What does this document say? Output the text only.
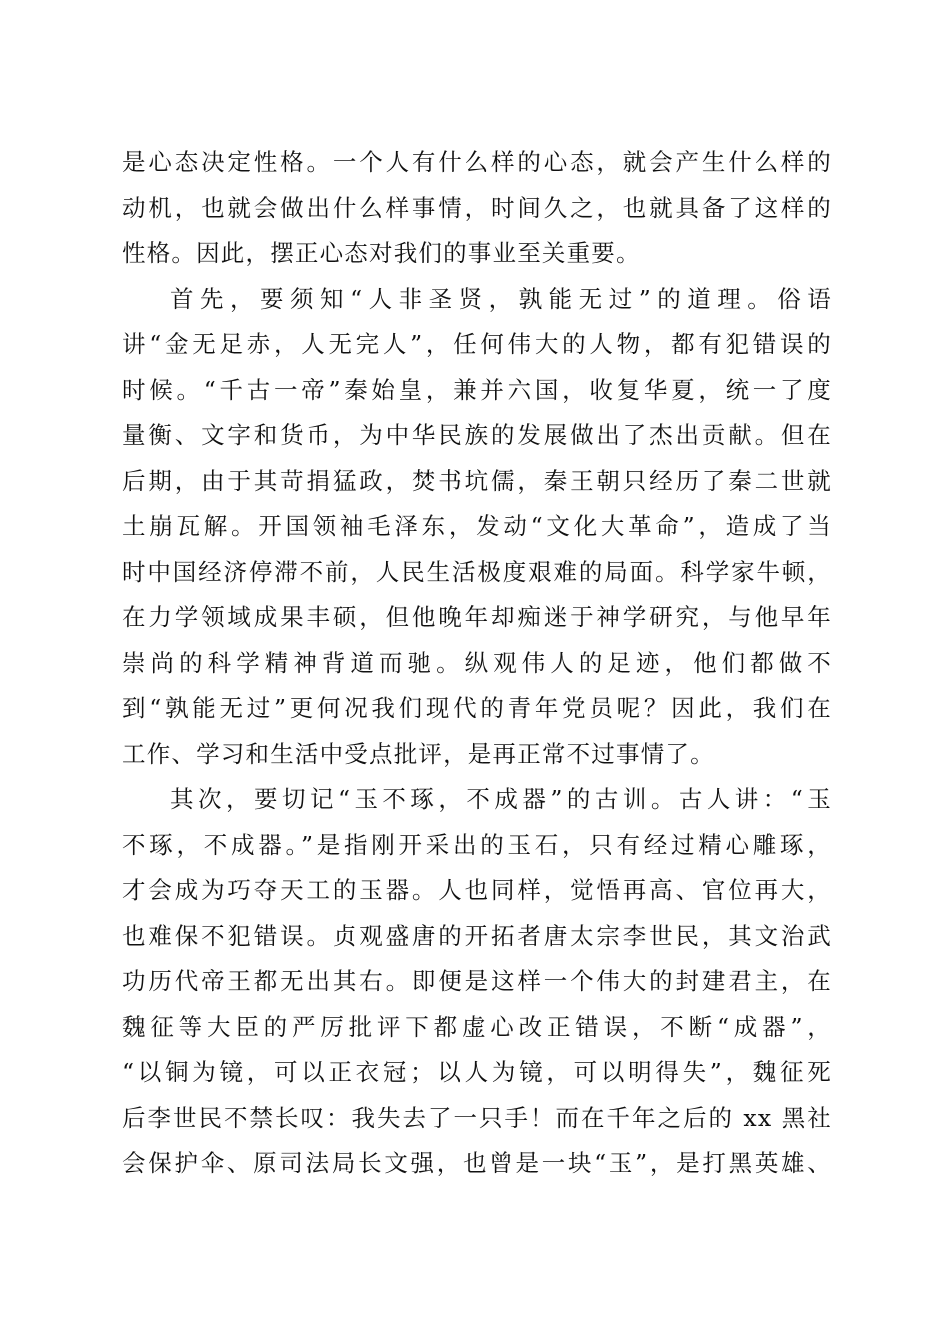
是心态决定性格。一个人有什么样的心态，就会产生什么样的
动机，也就会做出什么样事情，时间久之，也就具备了这样的
性格。因此，摆正心态对我们的事业至关重要。
首先，要须知“人非圣贤，孰能无过”的道理。俗语
讲“金无足赤，人无完人”，任何伟大的人物，都有犯错误的
时候。“千古一帝”秦始皇，兼并六国，收复华夏，统一了度
量衡、文字和货币，为中华民族的发展做出了杰出贡献。但在
后期，由于其苛捐猛政，焚书坑儒，秦王朝只经历了秦二世就
土崩瓦解。开国领袖毛泽东，发动“文化大革命”，造成了当
时中国经济停滞不前，人民生活极度艰难的局面。科学家牛顿，
在力学领域成果丰硕，但他晚年却痴迷于神学研究，与他早年
崇尚的科学精神背道而驰。纵观伟人的足迹，他们都做不
到“孰能无过”更何况我们现代的青年党员呢？因此，我们在
工作、学习和生活中受点批评，是再正常不过事情了。
其次，要切记“玉不琢，不成器”的古训。古人讲：“玉
不琢，不成器。”是指刚开采出的玉石，只有经过精心雕琢，
才会成为巧夺天工的玉器。人也同样，觉悟再高、官位再大，
也难保不犯错误。贞观盛唐的开拓者唐太宗李世民，其文治武
功历代帝王都无出其右。即便是这样一个伟大的封建君主，在
魏征等大臣的严厉批评下都虚心改正错误，不断“成器”，
“以铜为镜，可以正衣冠；以人为镜，可以明得失”，魏征死
后李世民不禁长叹：我失去了一只手！而在千年之后的 xx 黑社
会保护伞、原司法局长文强，也曾是一块“玉”，是打黑英雄、
